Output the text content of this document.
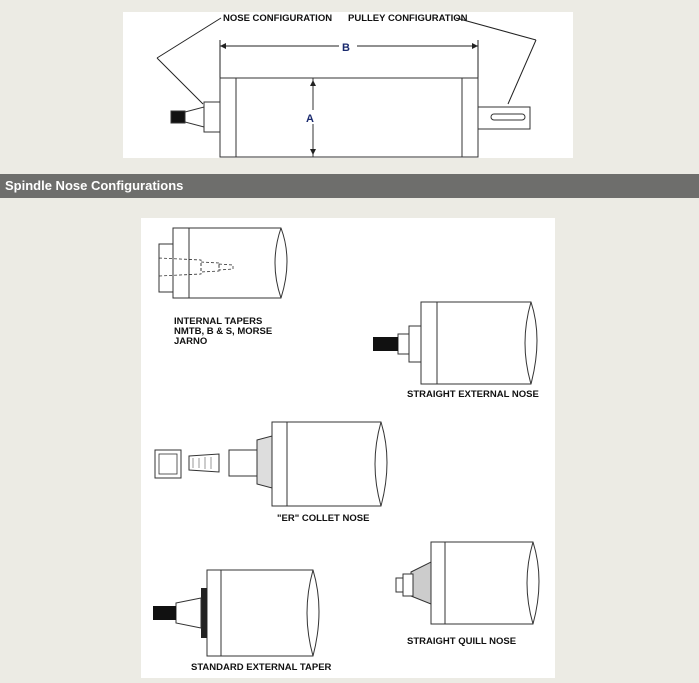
NOSE CONFIGURATION PULLEY CONFIGURATION
B
A
Spindle Nose Configurations
INTERNAL TAPERS
NMTB, B & S, MORSE
JARNO
STRAIGHT EXTERNAL NOSE
"ER" COLLET NOSE
STANDARD EXTERNAL TAPER
STRAIGHT QUILL NOSE
